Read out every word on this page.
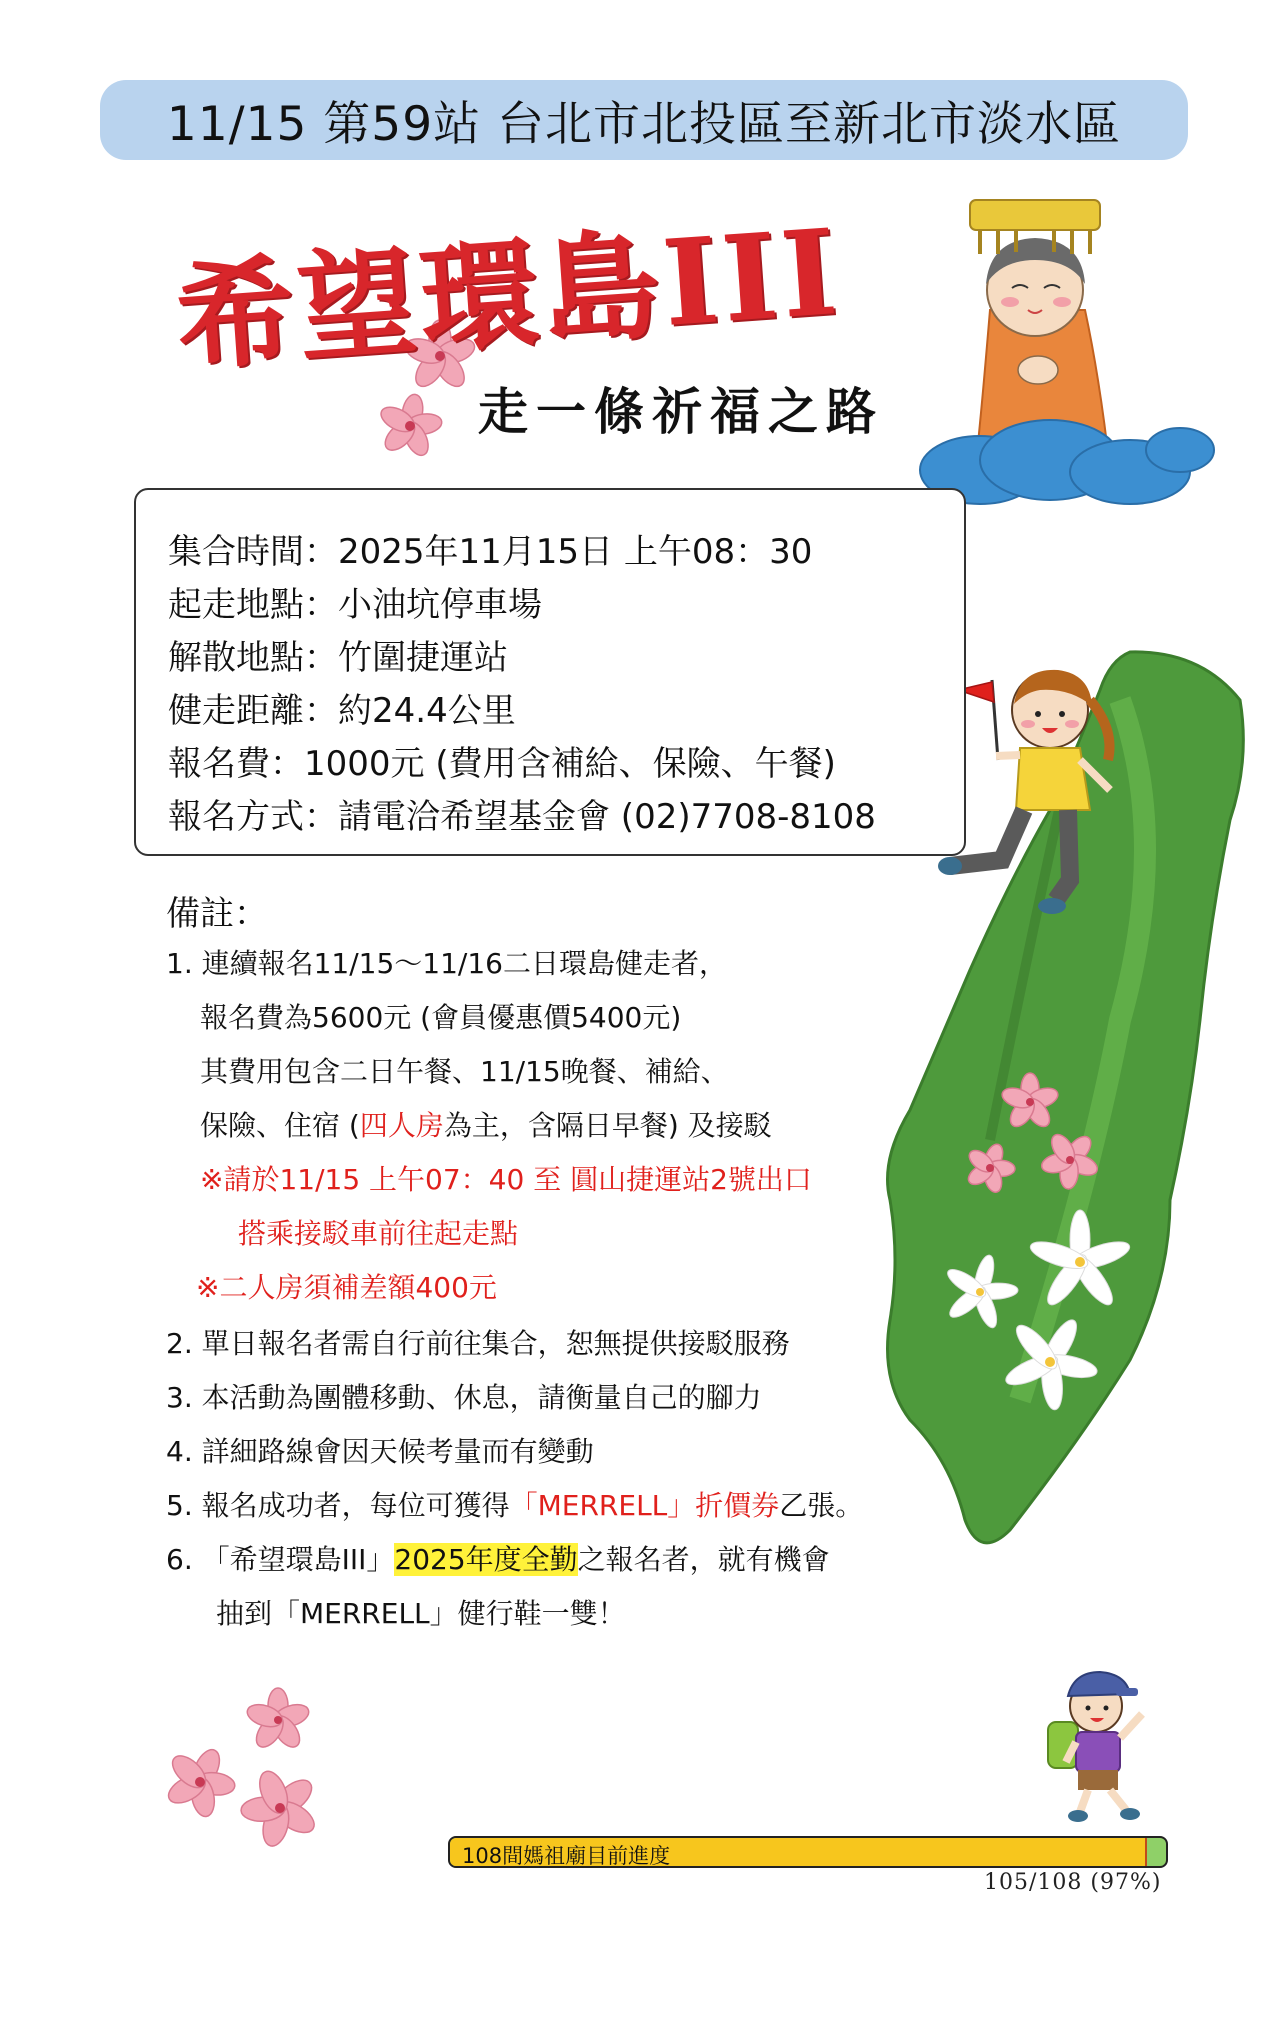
11/15 第59站 台北市北投區至新北市淡水區
希望環島III
走一條祈福之路
集合時間：2025年11月15日 上午08：30
起走地點：小油坑停車場
解散地點：竹圍捷運站
健走距離：約24.4公里
報名費：1000元 (費用含補給、保險、午餐)
報名方式：請電洽希望基金會 (02)7708-8108
備註：
1. 連續報名11/15～11/16二日環島健走者，
報名費為5600元 (會員優惠價5400元)
其費用包含二日午餐、11/15晚餐、補給、
保險、住宿 (四人房為主，含隔日早餐) 及接駁
※請於11/15 上午07：40 至 圓山捷運站2號出口
搭乘接駁車前往起走點
※二人房須補差額400元
2. 單日報名者需自行前往集合，恕無提供接駁服務
3. 本活動為團體移動、休息，請衡量自己的腳力
4. 詳細路線會因天候考量而有變動
5. 報名成功者，每位可獲得「MERRELL」折價券乙張。
6. 「希望環島III」2025年度全勤之報名者，就有機會
抽到「MERRELL」健行鞋一雙！
108間媽祖廟目前進度
105/108 (97%)
